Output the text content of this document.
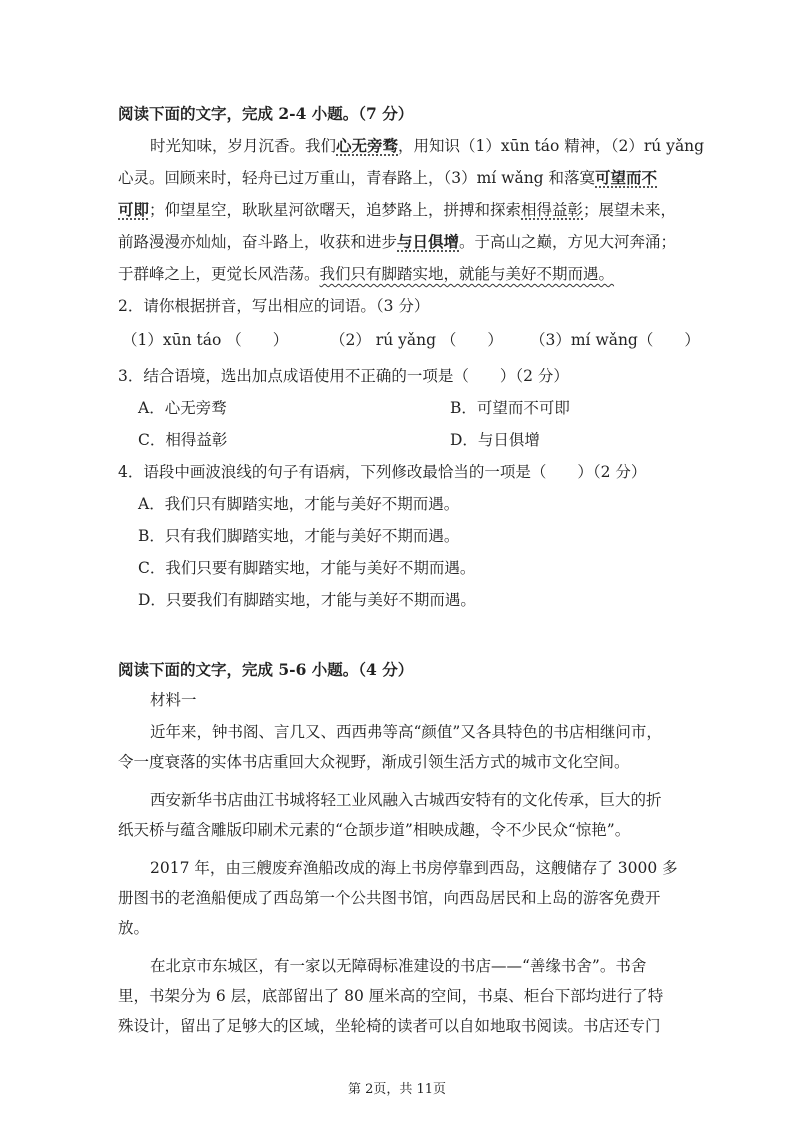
阅读下面的文字，完成 2-4 小题。（7 分）
时光知味，岁月沉香。我们心无旁骛，用知识（1）xūn táo 精神，（2）rú yǎng
心灵。回顾来时，轻舟已过万重山，青春路上，（3）mí wǎng 和落寞可望而不
可即；仰望星空，耿耿星河欲曙天，追梦路上，拼搏和探索相得益彰；展望未来，
前路漫漫亦灿灿，奋斗路上，收获和进步与日俱增。于高山之巅，方见大河奔涌；
于群峰之上，更觉长风浩荡。我们只有脚踏实地，就能与美好不期而遇。
2．请你根据拼音，写出相应的词语。（3 分）
（1）xūn táo （　　）	（2） rú yǎng （　　） （3）mí wǎng（　　）
3．结合语境，选出加点成语使用不正确的一项是（　　）（2 分）
A．心无旁骛	B．可望而不可即
C．相得益彰	D．与日俱增
4．语段中画波浪线的句子有语病，下列修改最恰当的一项是（　　）（2 分）
A．我们只有脚踏实地，才能与美好不期而遇。
B．只有我们脚踏实地，才能与美好不期而遇。
C．我们只要有脚踏实地，才能与美好不期而遇。
D．只要我们有脚踏实地，才能与美好不期而遇。
阅读下面的文字，完成 5-6 小题。（4 分）
材料一
近年来，钟书阁、言几又、西西弗等高“颜值”又各具特色的书店相继问市，
令一度衰落的实体书店重回大众视野，渐成引领生活方式的城市文化空间。
西安新华书店曲江书城将轻工业风融入古城西安特有的文化传承，巨大的折
纸天桥与蕴含雕版印刷术元素的“仓颉步道”相映成趣，令不少民众“惊艳”。
2017 年，由三艘废弃渔船改成的海上书房停靠到西岛，这艘储存了 3000 多
册图书的老渔船便成了西岛第一个公共图书馆，向西岛居民和上岛的游客免费开
放。
在北京市东城区，有一家以无障碍标准建设的书店——“善缘书舍”。书舍
里，书架分为 6 层，底部留出了 80 厘米高的空间，书桌、柜台下部均进行了特
殊设计，留出了足够大的区域，坐轮椅的读者可以自如地取书阅读。书店还专门
第 2页，共 11页
